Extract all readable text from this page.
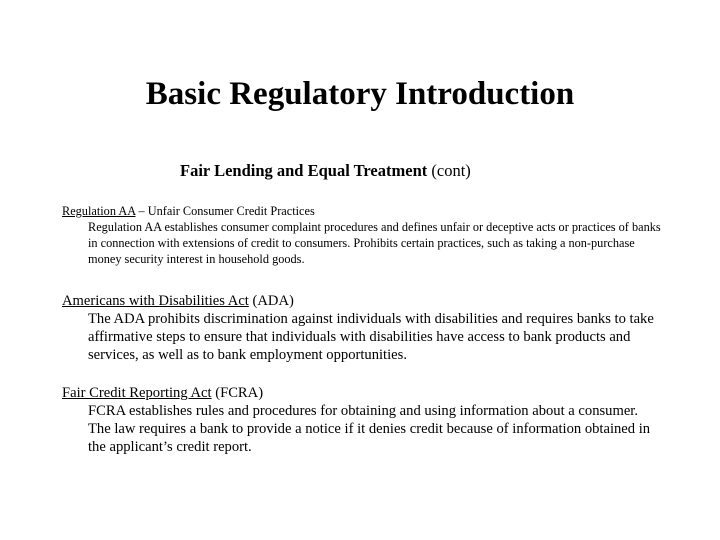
Basic Regulatory Introduction
Fair Lending and Equal Treatment (cont)
Regulation AA – Unfair Consumer Credit Practices
Regulation AA establishes consumer complaint procedures and defines unfair or deceptive acts or practices of banks in connection with extensions of credit to consumers. Prohibits certain practices, such as taking a non-purchase money security interest in household goods.
Americans with Disabilities Act (ADA)
The ADA prohibits discrimination against individuals with disabilities and requires banks to take affirmative steps to ensure that individuals with disabilities have access to bank products and services, as well as to bank employment opportunities.
Fair Credit Reporting Act (FCRA)
FCRA establishes rules and procedures for obtaining and using information about a consumer. The law requires a bank to provide a notice if it denies credit because of information obtained in the applicant’s credit report.
